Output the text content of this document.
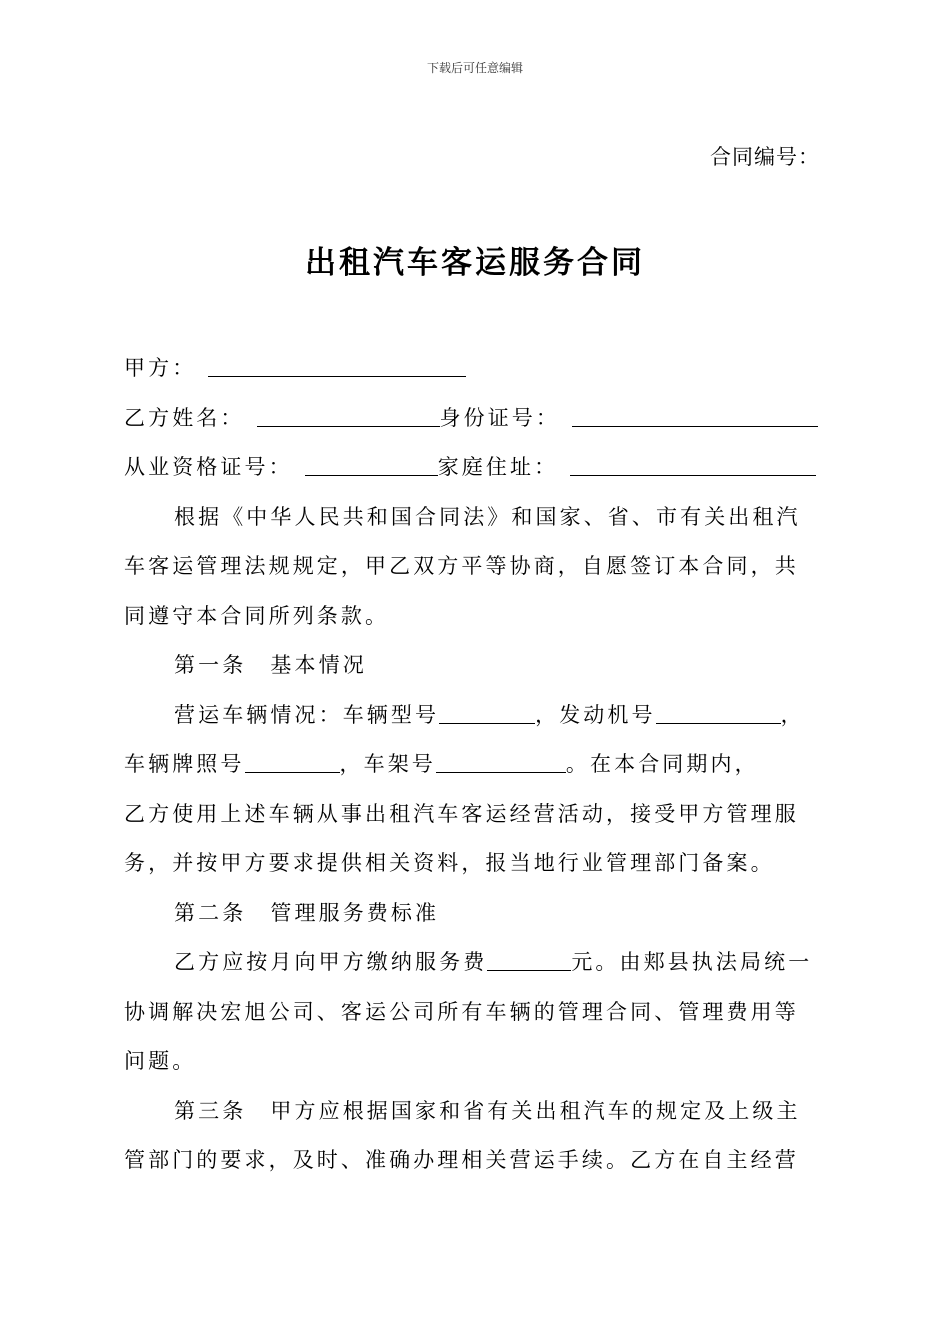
下载后可任意编辑
合同编号：
出租汽车客运服务合同
甲方：
乙方姓名：	身份证号：
从业资格证号：	家庭住址：
根据《中华人民共和国合同法》和国家、省、市有关出租汽
车客运管理法规规定，甲乙双方平等协商，自愿签订本合同，共
同遵守本合同所列条款。
第一条　基本情况
营运车辆情况：车辆型号	，发动机号	，
车辆牌照号	，车架号	。在本合同期内，
乙方使用上述车辆从事出租汽车客运经营活动，接受甲方管理服
务，并按甲方要求提供相关资料，报当地行业管理部门备案。
第二条　管理服务费标准
乙方应按月向甲方缴纳服务费	元。由郏县执法局统一
协调解决宏旭公司、客运公司所有车辆的管理合同、管理费用等
问题。
第三条　甲方应根据国家和省有关出租汽车的规定及上级主
管部门的要求，及时、准确办理相关营运手续。乙方在自主经营
